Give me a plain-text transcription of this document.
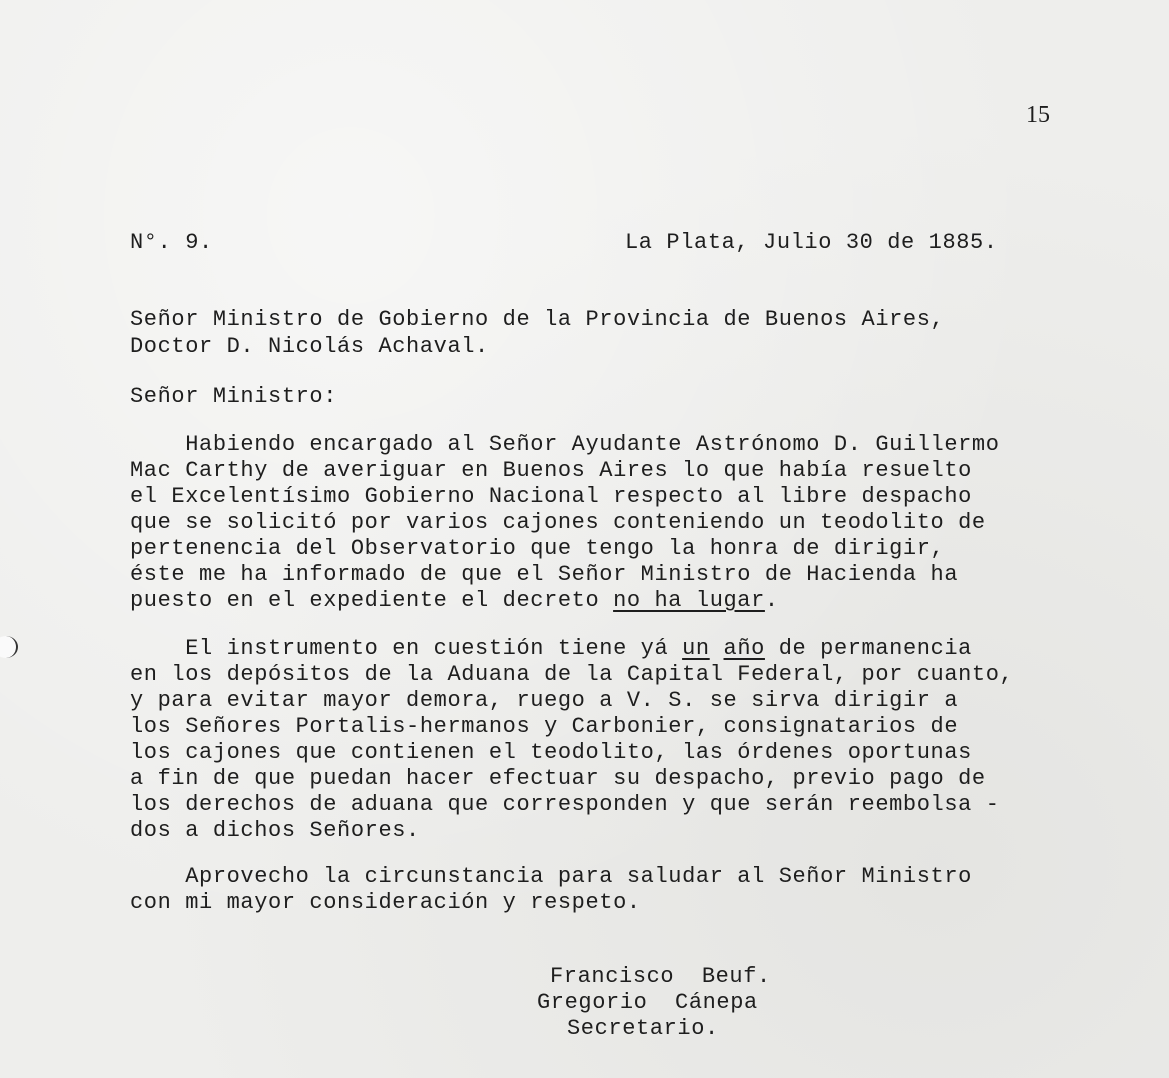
15
N°. 9.	La Plata, Julio 30 de 1885.
Señor Ministro de Gobierno de la Provincia de Buenos Aires,
Doctor D. Nicolás Achaval.
Señor Ministro:
Habiendo encargado al Señor Ayudante Astrónomo D. Guillermo
Mac Carthy de averiguar en Buenos Aires lo que había resuelto
el Excelentísimo Gobierno Nacional respecto al libre despacho
que se solicitó por varios cajones conteniendo un teodolito de
pertenencia del Observatorio que tengo la honra de dirigir,
éste me ha informado de que el Señor Ministro de Hacienda ha
puesto en el expediente el decreto no ha lugar.
El instrumento en cuestión tiene yá un año de permanencia
en los depósitos de la Aduana de la Capital Federal, por cuanto,
y para evitar mayor demora, ruego a V. S. se sirva dirigir a
los Señores Portalis-hermanos y Carbonier, consignatarios de
los cajones que contienen el teodolito, las órdenes oportunas
a fin de que puedan hacer efectuar su despacho, previo pago de
los derechos de aduana que corresponden y que serán reembolsa -
dos a dichos Señores.
Aprovecho la circunstancia para saludar al Señor Ministro
con mi mayor consideración y respeto.
Francisco  Beuf.
Gregorio  Cánepa
Secretario.
